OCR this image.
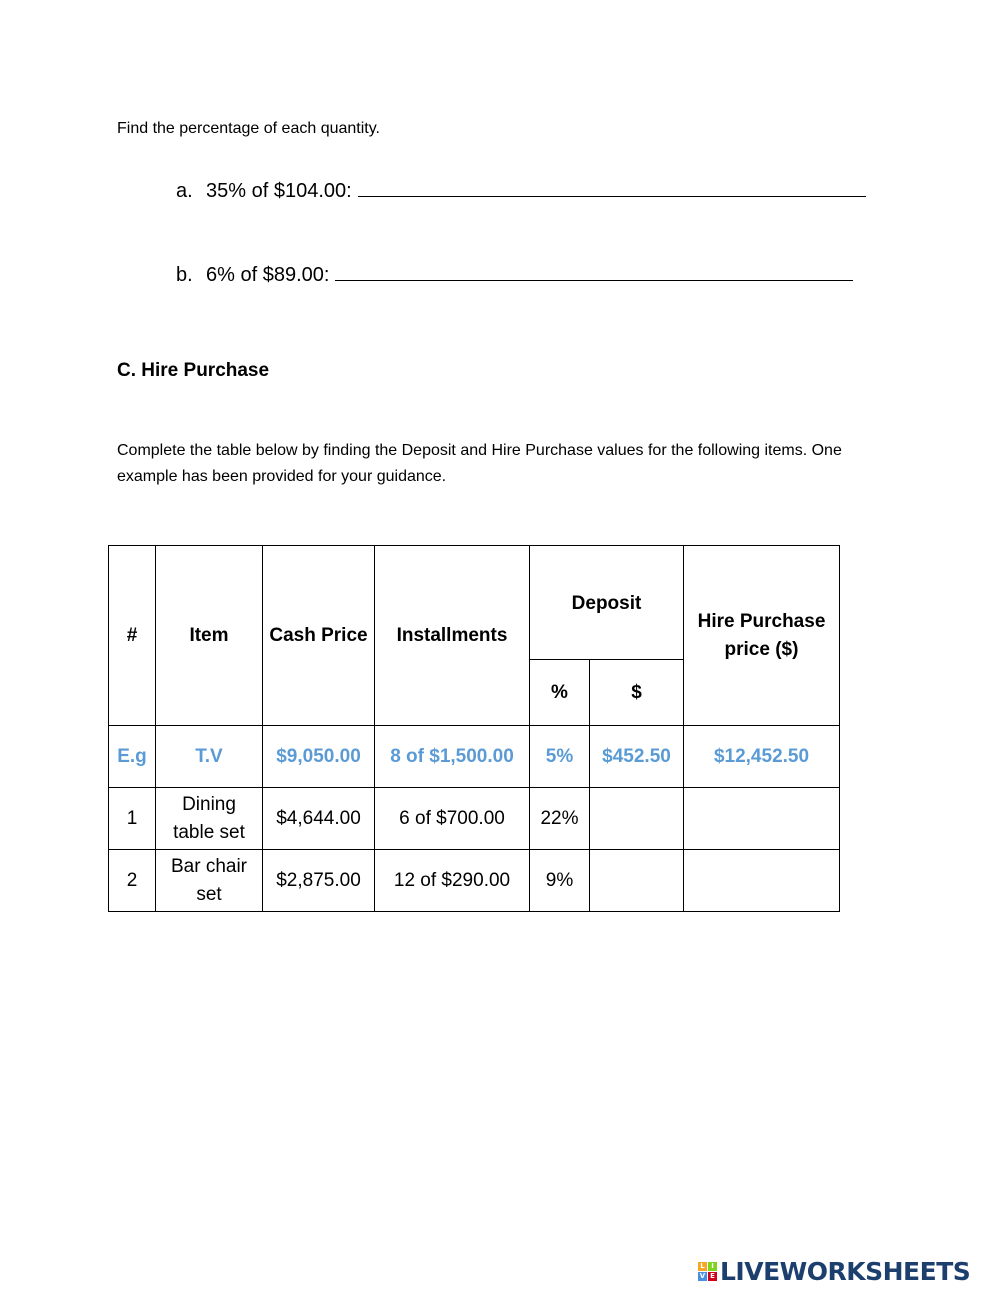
Find the percentage of each quantity.
a. 35% of $104.00:
b. 6% of $89.00:
C. Hire Purchase
Complete the table below by finding the Deposit and Hire Purchase values for the following items. One example has been provided for your guidance.
#	Item	Cash Price	Installments	Deposit		Hire Purchase price ($)
				%	$	
E.g	T.V	$9,050.00	8 of $1,500.00	5%	$452.50	$12,452.50
1	Dining table set	$4,644.00	6 of $700.00	22%		
2	Bar chair set	$2,875.00	12 of $290.00	9%		
L I
V E LIVEWORKSHEETS
